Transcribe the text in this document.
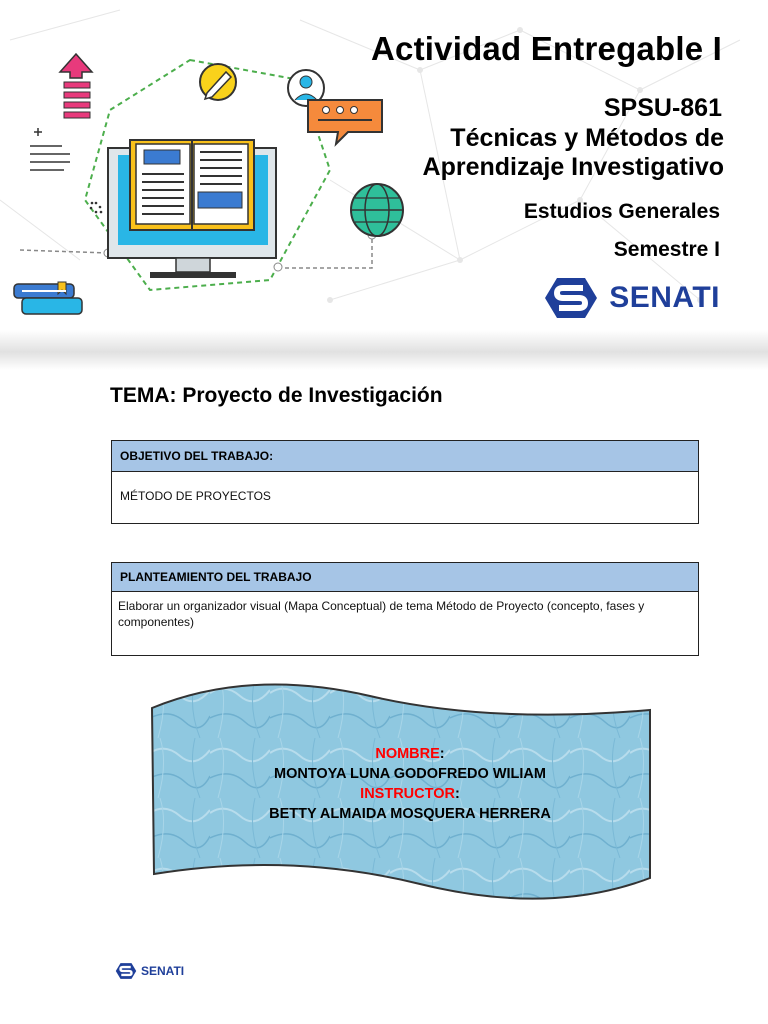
Actividad Entregable I
SPSU-861
Técnicas y Métodos de
Aprendizaje Investigativo
Estudios Generales
Semestre I
SENATI
TEMA: Proyecto de Investigación
OBJETIVO DEL TRABAJO:
MÉTODO DE PROYECTOS
PLANTEAMIENTO DEL TRABAJO
Elaborar un organizador visual (Mapa Conceptual) de tema Método de Proyecto (concepto, fases y componentes)
NOMBRE:
MONTOYA LUNA GODOFREDO WILIAM
INSTRUCTOR:
BETTY ALMAIDA MOSQUERA HERRERA
SENATI
